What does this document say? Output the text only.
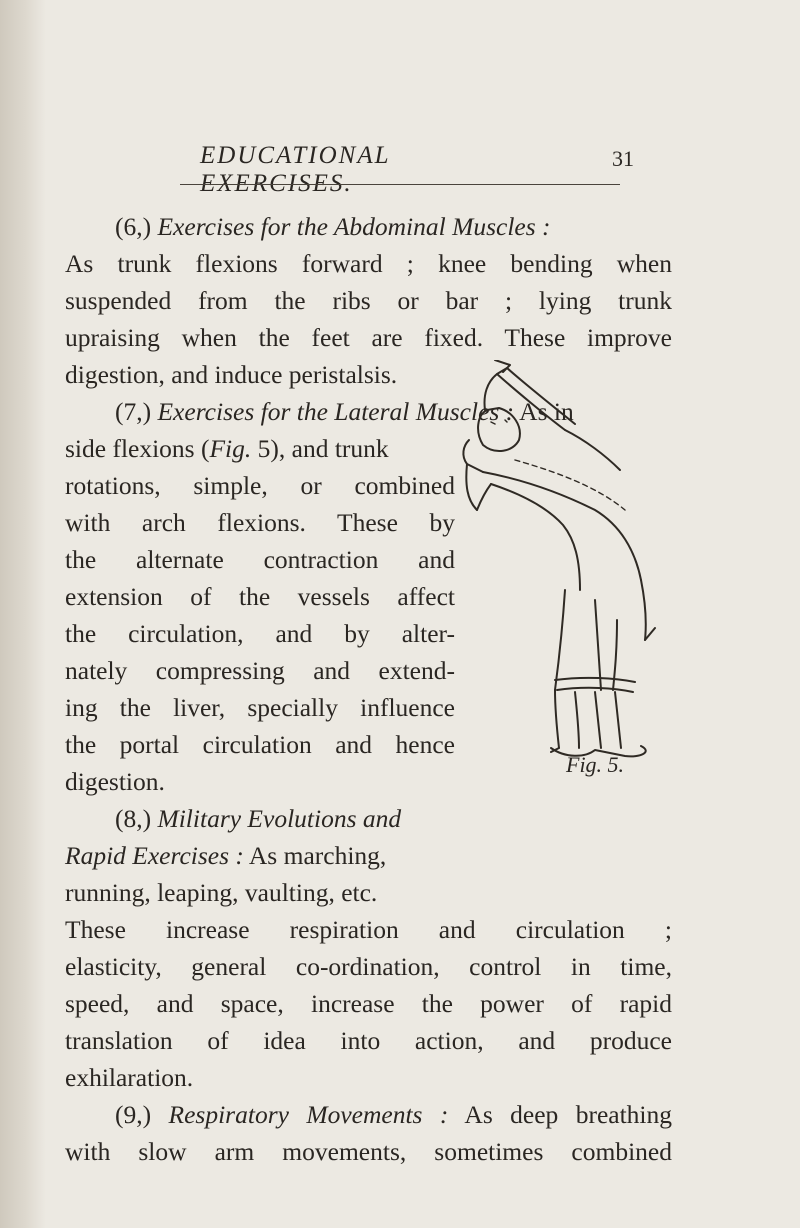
EDUCATIONAL EXERCISES.
31
(6,) Exercises for the Abdominal Muscles :
As trunk flexions forward ; knee bending when
suspended from the ribs or bar ; lying trunk
upraising when the feet are fixed. These improve
digestion, and induce peristalsis.
(7,) Exercises for the Lateral Muscles : As in
side flexions (Fig. 5), and trunk
rotations, simple, or combined
with arch flexions. These by
the alternate contraction and
extension of the vessels affect
the circulation, and by alter-
nately compressing and extend-
ing the liver, specially influence
the portal circulation and hence
digestion.
(8,) Military Evolutions and
Rapid Exercises : As marching,
running, leaping, vaulting, etc.
These increase respiration and circulation ;
elasticity, general co-ordination, control in time,
speed, and space, increase the power of rapid
translation of idea into action, and produce
exhilaration.
(9,) Respiratory Movements : As deep breathing
with slow arm movements, sometimes combined
Fig. 5.
